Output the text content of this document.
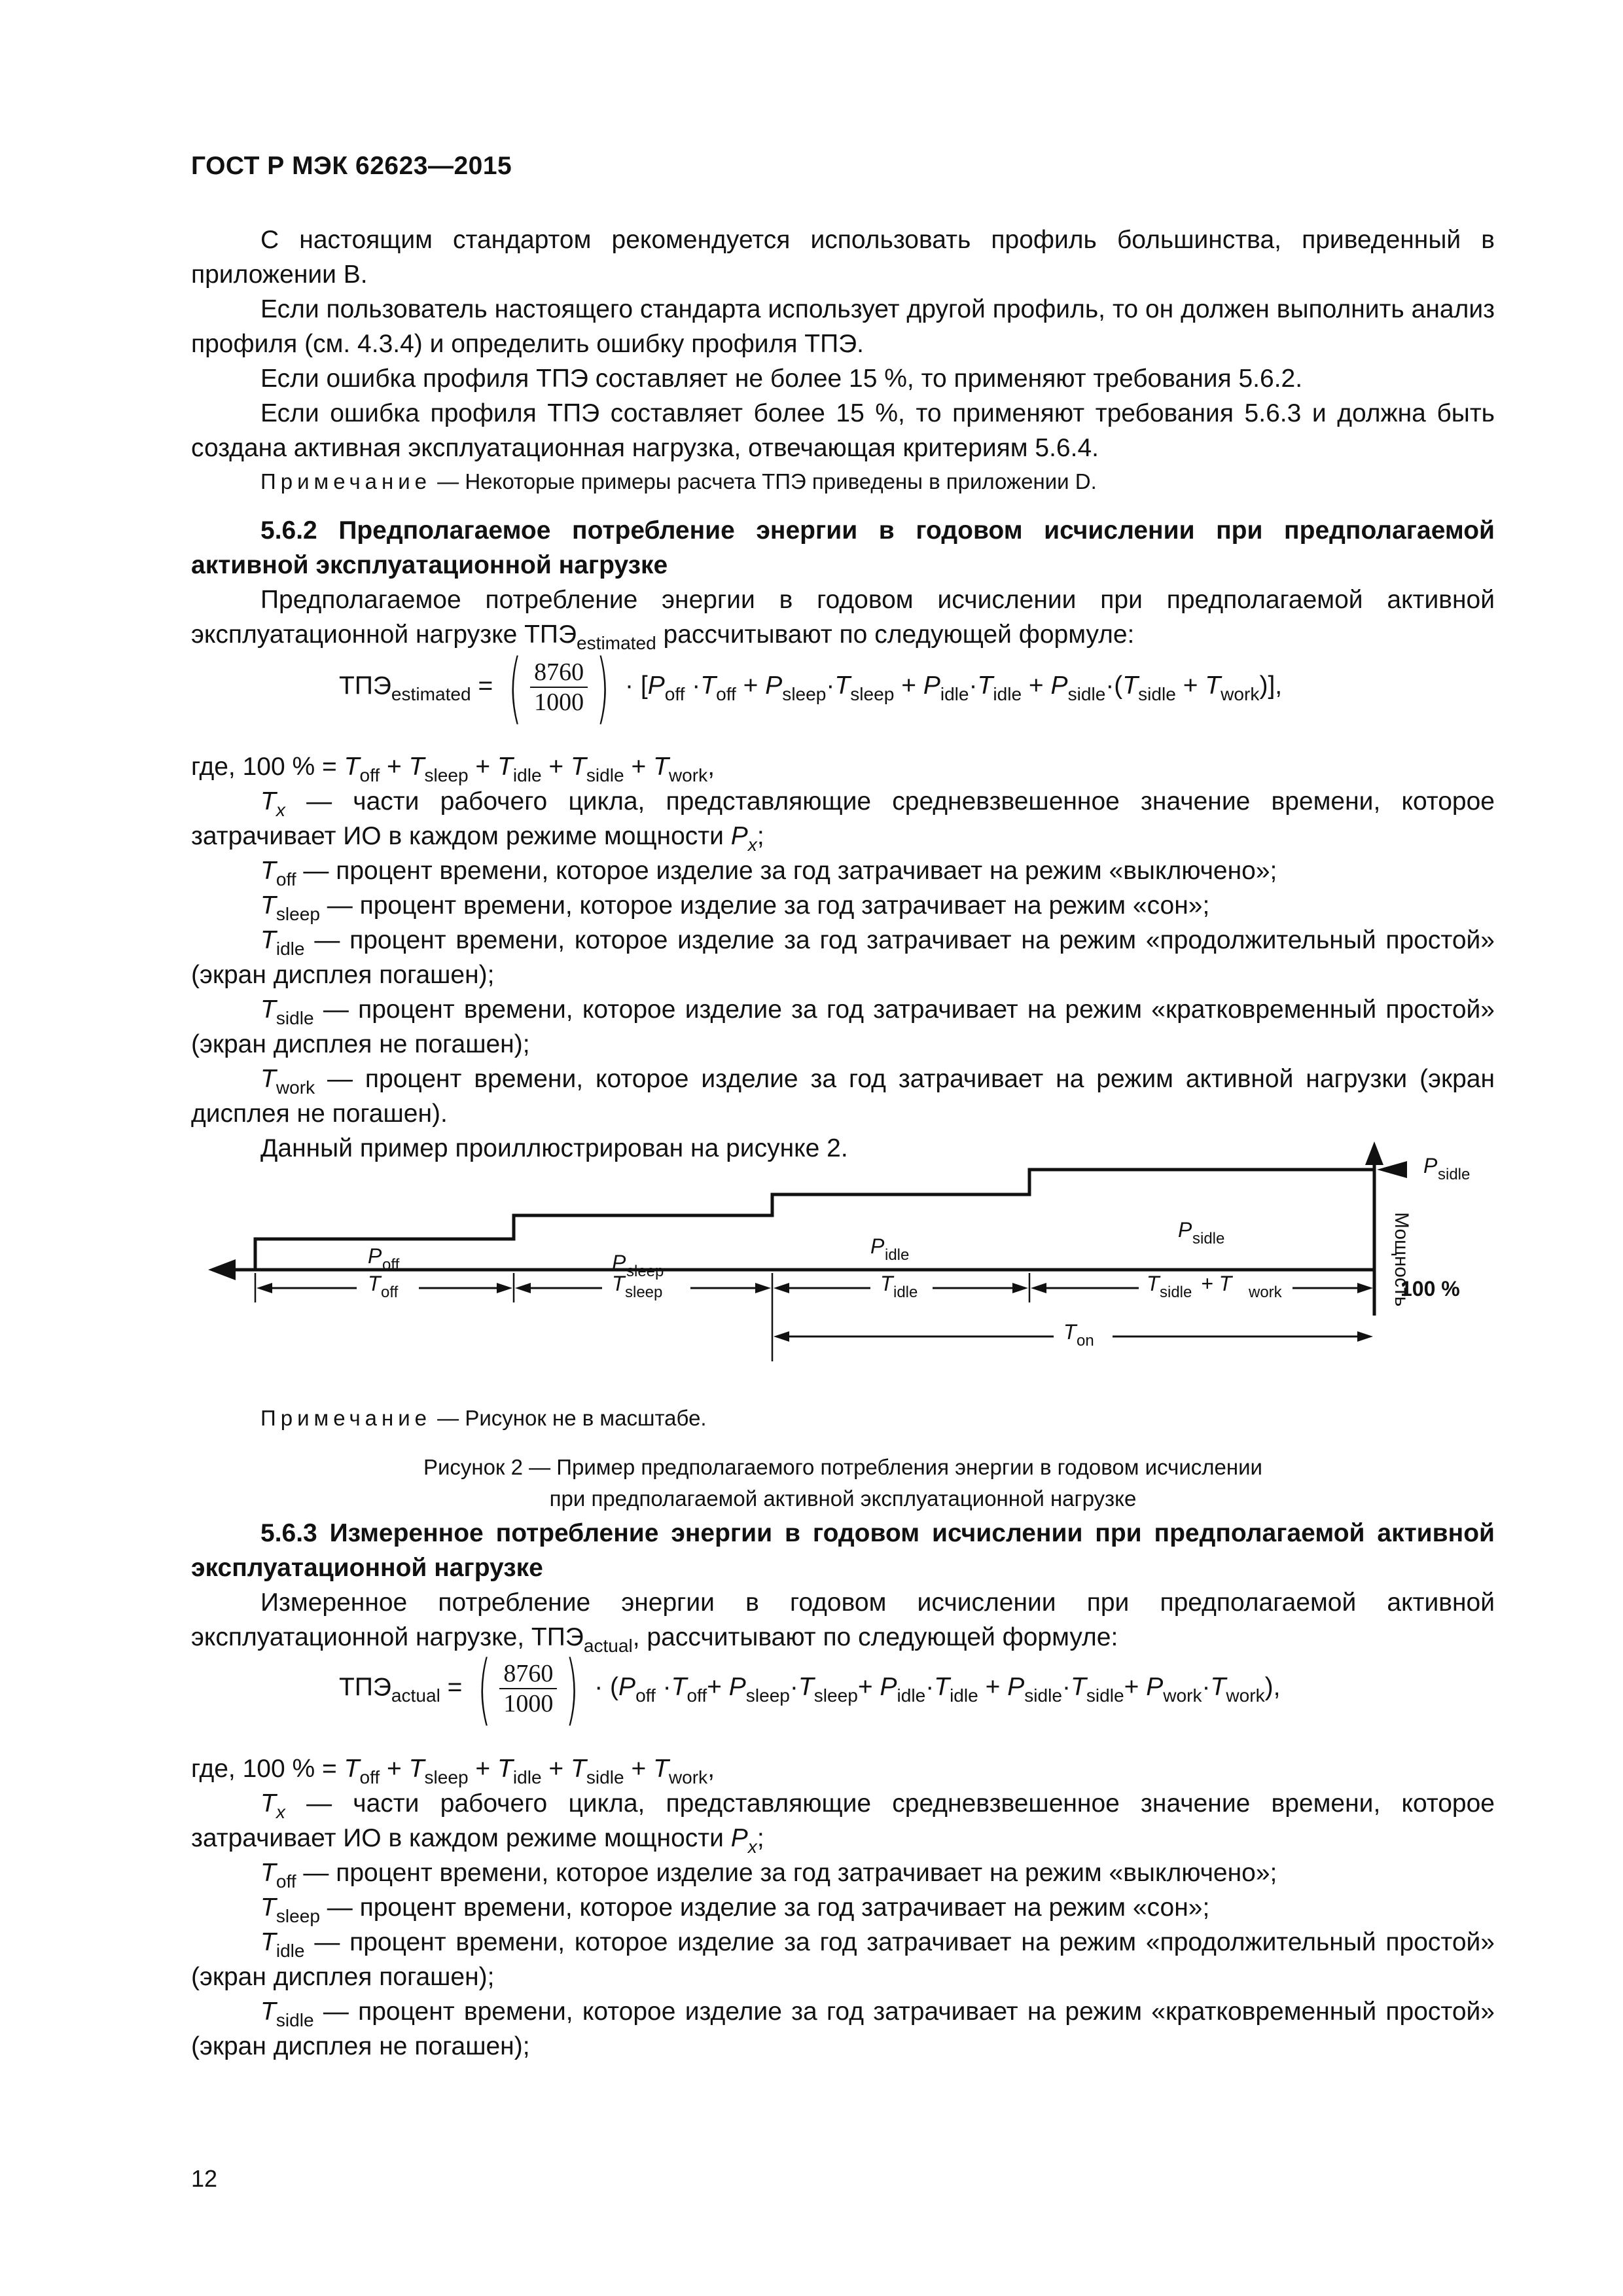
ГОСТ Р МЭК 62623—2015

С настоящим стандартом рекомендуется использовать профиль большинства, приведенный в приложении В.

Если пользователь настоящего стандарта использует другой профиль, то он должен выполнить анализ профиля (см. 4.3.4) и определить ошибку профиля ТПЭ.

Если ошибка профиля ТПЭ составляет не более 15 %, то применяют требования 5.6.2.

Если ошибка профиля ТПЭ составляет более 15 %, то применяют требования 5.6.3 и должна быть создана активная эксплуатационная нагрузка, отвечающая критериям 5.6.4.

Примечание — Некоторые примеры расчета ТПЭ приведены в приложении D.

5.6.2 Предполагаемое потребление энергии в годовом исчислении при предполагаемой активной эксплуатационной нагрузке

Предполагаемое потребление энергии в годовом исчислении при предполагаемой активной эксплуатационной нагрузке $ТПЭ_{estimated}$ рассчитывают по следующей формуле:

$ТПЭ_{estimated}$ = ( $\frac{8760}{1000}$ ) · $[P_{off} \cdot T_{off} + P_{sleep}\cdot T_{sleep} + P_{idle}\cdot T_{idle} + P_{sidle}\cdot(T_{sidle} + T_{work})]$,

где, 100 % = $T_{off} + T_{sleep} + T_{idle} + T_{sidle} + T_{work}$,

$T_x$ — части рабочего цикла, представляющие средневзвешенное значение времени, которое затрачивает ИО в каждом режиме мощности $P_x$;

$T_{off}$ — процент времени, которое изделие за год затрачивает на режим «выключено»;

$T_{sleep}$ — процент времени, которое изделие за год затрачивает на режим «сон»;

$T_{idle}$ — процент времени, которое изделие за год затрачивает на режим «продолжительный простой» (экран дисплея погашен);

$T_{sidle}$ — процент времени, которое изделие за год затрачивает на режим «кратковременный простой» (экран дисплея не погашен);

$T_{work}$ — процент времени, которое изделие за год затрачивает на режим активной нагрузки (экран дисплея не погашен).

Данный пример проиллюстрирован на рисунке 2.

T off	T sleep	T idle	T sidle + T work
T on
P off	P sleep
P idle
P sidle
P sidle
Мощность
100 %
Примечание — Рисунок не в масштабе.
Рисунок 2 — Пример предполагаемого потребления энергии в годовом исчислении
при предполагаемой активной эксплуатационной нагрузке

5.6.3 Измеренное потребление энергии в годовом исчислении при предполагаемой активной эксплуатационной нагрузке

Измеренное потребление энергии в годовом исчислении при предполагаемой активной эксплуатационной нагрузке, $ТПЭ_{actual}$, рассчитывают по следующей формуле:

$ТПЭ_{actual}$ = ( $\frac{8760}{1000}$ ) · $(P_{off} \cdot T_{off}+ P_{sleep}\cdot T_{sleep}+ P_{idle}\cdot T_{idle} + P_{sidle}\cdot T_{sidle}+ P_{work}\cdot T_{work})$,

где, 100 % = $T_{off} + T_{sleep} + T_{idle} + T_{sidle} + T_{work}$,

$T_x$ — части рабочего цикла, представляющие средневзвешенное значение времени, которое затрачивает ИО в каждом режиме мощности $P_x$;

$T_{off}$ — процент времени, которое изделие за год затрачивает на режим «выключено»;

$T_{sleep}$ — процент времени, которое изделие за год затрачивает на режим «сон»;

$T_{idle}$ — процент времени, которое изделие за год затрачивает на режим «продолжительный простой» (экран дисплея погашен);

$T_{sidle}$ — процент времени, которое изделие за год затрачивает на режим «кратковременный простой» (экран дисплея не погашен);

12
